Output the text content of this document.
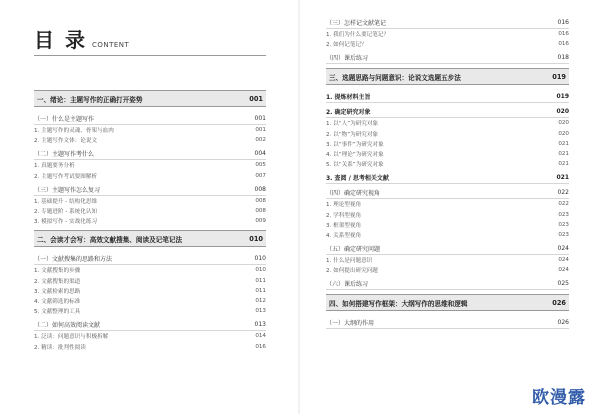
目 录 CONTENT
一、绪论：主题写作的正确打开姿势	001
（一）什么是主题写作	001
1. 主题写作的灵魂、骨架与血肉	001
2. 主题写作文体：论说文	002
（二）主题写作考什么	004
1. 真题要务分析	005
2. 主题写作考试要图解析	007
（三）主题写作怎么复习	008
1. 基础提升 - 结构化思维	008
2. 专题进阶 - 系统化认知	008
3. 模拟写作 - 实战化练习	009
二、会读才会写：高效文献搜集、阅读及记笔记法	010
（一）文献搜集的思路和方法	010
1. 文献搜集的步骤	010
2. 文献搜集的渠道	011
3. 文献检索的思路	011
4. 文献筛选的标准	012
5. 文献整理的工具	013
（二）如何高效阅读文献	013
1. 泛读：问题意识与积极拆解	014
2. 精读：批判性阅读	016
（三）怎样记文献笔记	016
1. 我们为什么要记笔记？	016
2. 如何记笔记？	016
（四）课后练习	018
三、选题思路与问题意识：论说文选题五步法	019
1. 提炼材料主旨	019
2. 确定研究对象	020
1. 以“人”为研究对象	020
2. 以“物”为研究对象	020
3. 以“事件”为研究对象	021
4. 以“理论”为研究对象	021
5. 以“关系”为研究对象	021
3. 查阅 / 思考相关文献	021
（四）确定研究视角	022
1. 理论型视角	022
2. 学科型视角	023
3. 框架型视角	023
4. 关系型视角	023
（五）确定研究问题	024
1. 什么是问题意识	024
2. 如何提出研究问题	024
（六）课后练习	025
四、如何搭建写作框架：大纲写作的思维和逻辑	026
（一）大纲的作用	026
欧漫露
